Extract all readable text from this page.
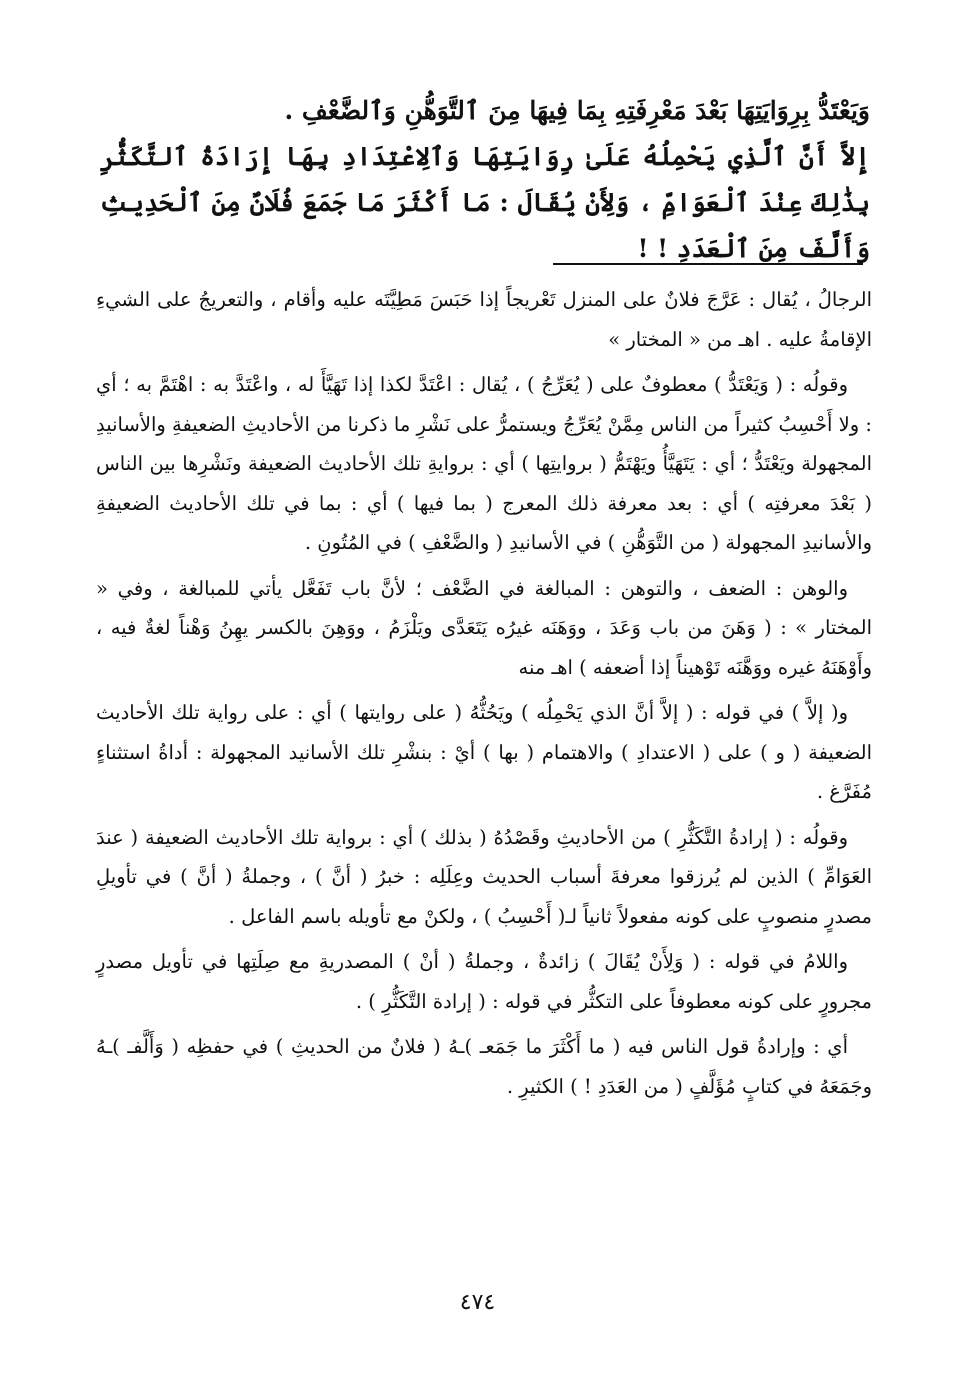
وَيَعْتَدُّ بِرِوَايَتِهَا بَعْدَ مَعْرِفَتِهِ بِمَا فِيهَا مِنَ ٱلتَّوَهُّنِ وَٱلضَّعْفِ .

إِلاَّ أَنَّ ٱلَّذِي يَحْمِلُهُ عَلَىٰ رِوَايَتِهَا وَٱلِاعْتِدَادِ بِهَا إِرَادَةُ ٱلتَّكَثُّرِ بِذَٰلِكَ عِنْدَ ٱلْعَوَامِّ ، وَلِأَنْ يُقَالَ : مَا أَكْثَرَ مَا جَمَعَ فُلَانٌ مِنَ ٱلْحَدِيثِ وَأَلَّفَ مِنَ ٱلْعَدَدِ ! !

الرجالُ ، يُقال : عَرَّجَ فلانٌ على المنزل تَعْريجاً إذا حَبَسَ مَطِيَّتَه عليه وأقام ، والتعريجُ على الشيءِ الإقامةُ عليه . اهـ من « المختار »

وقولُه : ( وَيَعْتَدُّ ) معطوفٌ على ( يُعَرِّجُ ) ، يُقال : اعْتَدَّ لكذا إذا تَهَيَّأَ له ، واعْتَدَّ به : اهْتَمَّ به ؛ أي : ولا أَحْسِبُ كثيراً من الناس مِمَّنْ يُعَرِّجُ ويستمرُّ على نَشْرِ ما ذكرنا من الأحاديثِ الضعيفةِ والأسانيدِ المجهولة ويَعْتَدُّ ؛ أي : يَتَهَيَّأُ ويَهْتَمُّ ( بروايتِها ) أي : بروايةِ تلك الأحاديث الضعيفة ونَشْرِها بين الناس ( بَعْدَ معرفتِه ) أي : بعد معرفة ذلك المعرج ( بما فيها ) أي : بما في تلك الأحاديث الضعيفةِ والأسانيدِ المجهولة ( من التَّوَهُّنِ ) في الأسانيدِ ( والضَّعْفِ ) في المُتُونِ .

والوهن : الضعف ، والتوهن : المبالغة في الضَّعْف ؛ لأنَّ باب تَفَعَّل يأتي للمبالغة ، وفي « المختار » : ( وَهَنَ من باب وَعَدَ ، ووَهَنَه غيرُه يَتَعَدَّى ويَلْزَمُ ، ووَهِنَ بالكسر يهِنُ وَهْناً لغةٌ فيه ، وأَوْهَنَهُ غيره ووَهَّنَه تَوْهيناً إذا أضعفه ) اهـ منه

و( إلاَّ ) في قوله : ( إلاَّ أنَّ الذي يَحْمِلُه ) ويَحُثُّهُ ( على روايتها ) أي : على رواية تلك الأحاديث الضعيفة ( و ) على ( الاعتدادِ ) والاهتمام ( بها ) أيْ : بنشْرِ تلك الأسانيد المجهولة : أداةُ استثناءٍ مُفَرَّغ .

وقولُه : ( إرادةُ التَّكَثُّرِ ) من الأحاديثِ وقَصْدُهُ ( بذلك ) أي : برواية تلك الأحاديث الضعيفة ( عندَ العَوَامِّ ) الذين لم يُرزقوا معرفةَ أسباب الحديث وعِلَلِه : خبرُ ( أنَّ ) ، وجملةُ ( أنَّ ) في تأويلِ مصدرٍ منصوبٍ على كونه مفعولاً ثانياً لـ( أَحْسِبُ ) ، ولكنْ مع تأويله باسم الفاعل .

واللامُ في قوله : ( وَلِأَنْ يُقَالَ ) زائدةٌ ، وجملةُ ( أنْ ) المصدريةِ مع صِلَتِها في تأويل مصدرٍ مجرورٍ على كونه معطوفاً على التكثُّر في قوله : ( إرادة التَّكَثُّرِ ) .

أي : وإرادةُ قول الناس فيه ( ما أَكْثَرَ ما جَمَعـ )ـهُ ( فلانٌ من الحديثِ ) في حفظِه ( وَأَلَّفـ )ـهُ وجَمَعَهُ في كتابٍ مُؤَلَّفٍ ( من العَدَدِ ! ) الكثيرِ .

٤٧٤
